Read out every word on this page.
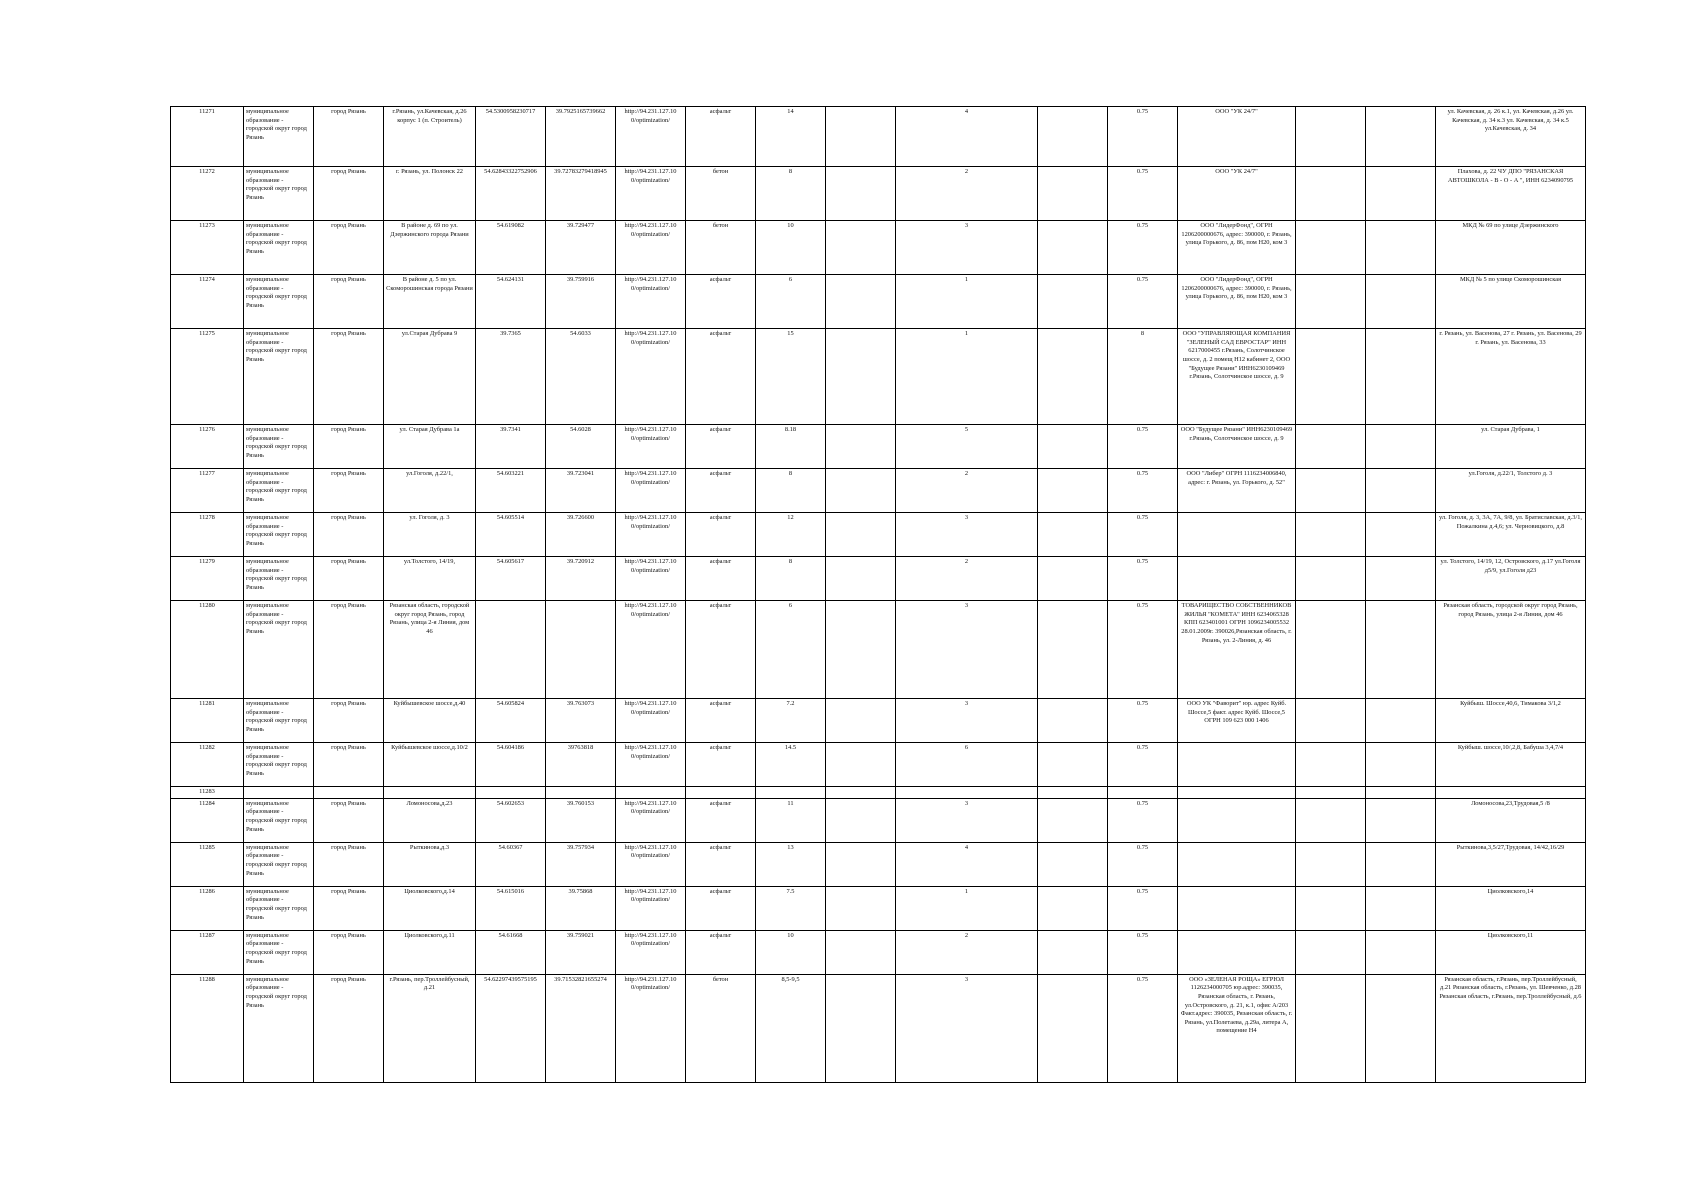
11271	муниципальное образование - городской округ город Рязань	город Рязань	г.Рязань, ул.Качевская, д.26 корпус 1 (п. Строитель)	54.5300958230717	39.7925165739662	http://94.231.127.10 0/optimization/	асфальт	14		4		0.75	ООО "УК 24/7"			ул. Качевская, д. 26 к.1, ул. Качевская, д.26 ул. Качевская, д. 34 к.3 ул. Качевская, д. 34 к.5 ул.Качевская, д. 34
11272	муниципальное образование - городской округ город Рязань	город Рязань	г. Рязань, ул. Полонск 22	54.62843322752906	39.72783279418945	http://94.231.127.10 0/optimization/	бетон	8		2		0.75	ООО "УК 24/7"			Плахова, д. 22 ЧУ ДПО "РЯЗАНСКАЯ АВТОШКОЛА - В - О - А ", ИНН 6234090795
11273	муниципальное образование - городской округ город Рязань	город Рязань	В районе д. 69 по ул. Дзержинского города Рязани	54.619082	39.729477	http://94.231.127.10 0/optimization/	бетон	10		3		0.75	ООО "ЛидерФонд", ОГРН 1206200000676, адрес: 390000, г. Рязань, улица Горького, д. 86, пом Н20, ком 3			МКД № 69 по улице Дзержинского
11274	муниципальное образование - городской округ город Рязань	город Рязань	В районе д. 5 по ул. Скоморошинская города Рязани	54.624131	39.759916	http://94.231.127.10 0/optimization/	асфальт	6		1		0.75	ООО "ЛидерФонд", ОГРН 1206200000676, адрес: 390000, г. Рязань, улица Горького, д. 86, пом Н20, ком 3			МКД № 5 по улице Скоморошинская
11275	муниципальное образование - городской округ город Рязань	город Рязань	ул.Старая Дубрава 9	39.7365	54.6033	http://94.231.127.10 0/optimization/	асфальт	15		1		8	ООО "УПРАВЛЯЮЩАЯ КОМПАНИЯ "ЗЕЛЕНЫЙ САД ЕВРОСТАР" ИНН 6217000455 г.Рязань, Солотчинское шоссе, д. 2 помещ Н12 кабинет 2, ООО "Будущее Рязани" ИНН6230109469 г.Рязань, Солотчинское шоссе, д. 9			г. Рязань, ул. Васенова, 27 г. Рязань, ул. Васенова, 29 г. Рязань, ул. Васенова, 33
11276	муниципальное образование - городской округ город Рязань	город Рязань	ул. Старая Дубрава 1а	39.7341	54.6028	http://94.231.127.10 0/optimization/	асфальт	8.18		5		0.75	ООО "Будущее Рязани" ИНН6230109469 г.Рязань, Солотчинское шоссе, д. 9			ул. Старая Дубрава, 1
11277	муниципальное образование - городской округ город Рязань	город Рязань	ул.Гоголя, д.22/1,	54.603221	39.723041	http://94.231.127.10 0/optimization/	асфальт	8		2		0.75	ООО "Либер" ОГРН 1116234006840, адрес: г. Рязань, ул. Горького, д. 52"			ул.Гоголя, д.22/1, Толстого д. 3
11278	муниципальное образование - городской округ город Рязань	город Рязань	ул. Гоголя, д. 3	54.605514	39.726600	http://94.231.127.10 0/optimization/	асфальт	12		3		0.75				ул. Гоголя, д. 3, 3А, 7А, 9/8, ул. Братиславская, д.3/1, Пожалкина д.4,6; ул. Черновицкого, д.8
11279	муниципальное образование - городской округ город Рязань	город Рязань	ул.Толстого, 14/19,	54.605617	39.720912	http://94.231.127.10 0/optimization/	асфальт	8		2		0.75				ул. Толстого, 14/19, 12, Островского, д.17 ул.Гоголя д5/9, ул.Гоголя д23
11280	муниципальное образование - городской округ город Рязань	город Рязань	Рязанская область, городской округ город Рязань, город Рязань, улица 2-я Линия, дом 46			http://94.231.127.10 0/optimization/	асфальт	6		3		0.75	ТОВАРИЩЕСТВО СОБСТВЕННИКОВ ЖИЛЬЯ "КОМЕТА" ИНН 6234065328 КПП 623401001 ОГРН 1096234005532 28.01.2009г. 390026,Рязанская область, г. Рязань, ул. 2-Линия, д. 46			Рязанская область, городской округ город Рязань, город Рязань, улица 2-я Линия, дом 46
11281	муниципальное образование - городской округ город Рязань	город Рязань	Куйбышевское шоссе,д.40	54.605824	39.763073	http://94.231.127.10 0/optimization/	асфальт	7.2		3		0.75	ООО УК "Фаворит" юр. адрес Куйб. Шоссе,5 факт. адрес Куйб. Шоссе,5 ОГРН 109 623 000 1406			Куйбыш. Шоссе,40,6, Тимакова 3/1,2
11282	муниципальное образование - городской округ город Рязань	город Рязань	Куйбышевское шоссе,д.10/2	54.604186	39763818	http://94.231.127.10 0/optimization/	асфальт	14.5		6		0.75				Куйбыш. шоссе,10/,2,8, Бабуша 3,4,7/4
11283																
11284	муниципальное образование - городской округ город Рязань	город Рязань	Ломоносова,д.23	54.602653	39.760153	http://94.231.127.10 0/optimization/	асфальт	11		3		0.75				Ломоносова,23,Трудовая,5 /8
11285	муниципальное образование - городской округ город Рязань	город Рязань	Рыткинова,д.3	54.60367	39.757934	http://94.231.127.10 0/optimization/	асфальт	13		4		0.75				Рыткинова,3,5/27,Трудовая, 14/42,16/29
11286	муниципальное образование - городской округ город Рязань	город Рязань	Циолковского,д.14	54.615016	39.75868	http://94.231.127.10 0/optimization/	асфальт	7.5		1		0.75				Циолковского,14
11287	муниципальное образование - городской округ город Рязань	город Рязань	Циолковского,д.11	54.61668	39.759021	http://94.231.127.10 0/optimization/	асфальт	10		2		0.75				Циолковского,11
11288	муниципальное образование - городской округ город Рязань	город Рязань	г.Рязань, пер.Троллейбусный, д.21	54.62297439575195	39.71532821655274	http://94.231.127.10 0/optimization/	бетон	8,5-9,5		3		0.75	ООО «ЗЕЛЕНАЯ РОЩА» ЕГРЮЛ 1126234000705 юр.адрес: 390035, Рязанская область, г. Рязань, ул.Островского, д. 21, к.1, офис А/203 Факт.адрес: 390035, Рязанская область, г. Рязань, ул.Полетаева, д.29а, литера А, помещение Н4			Рязанская область, г.Рязань, пер.Троллейбусный, д.21 Рязанская область, г.Рязань, ул. Шевченко, д.28 Рязанская область, г.Рязань, пер.Троллейбусный, д.6
